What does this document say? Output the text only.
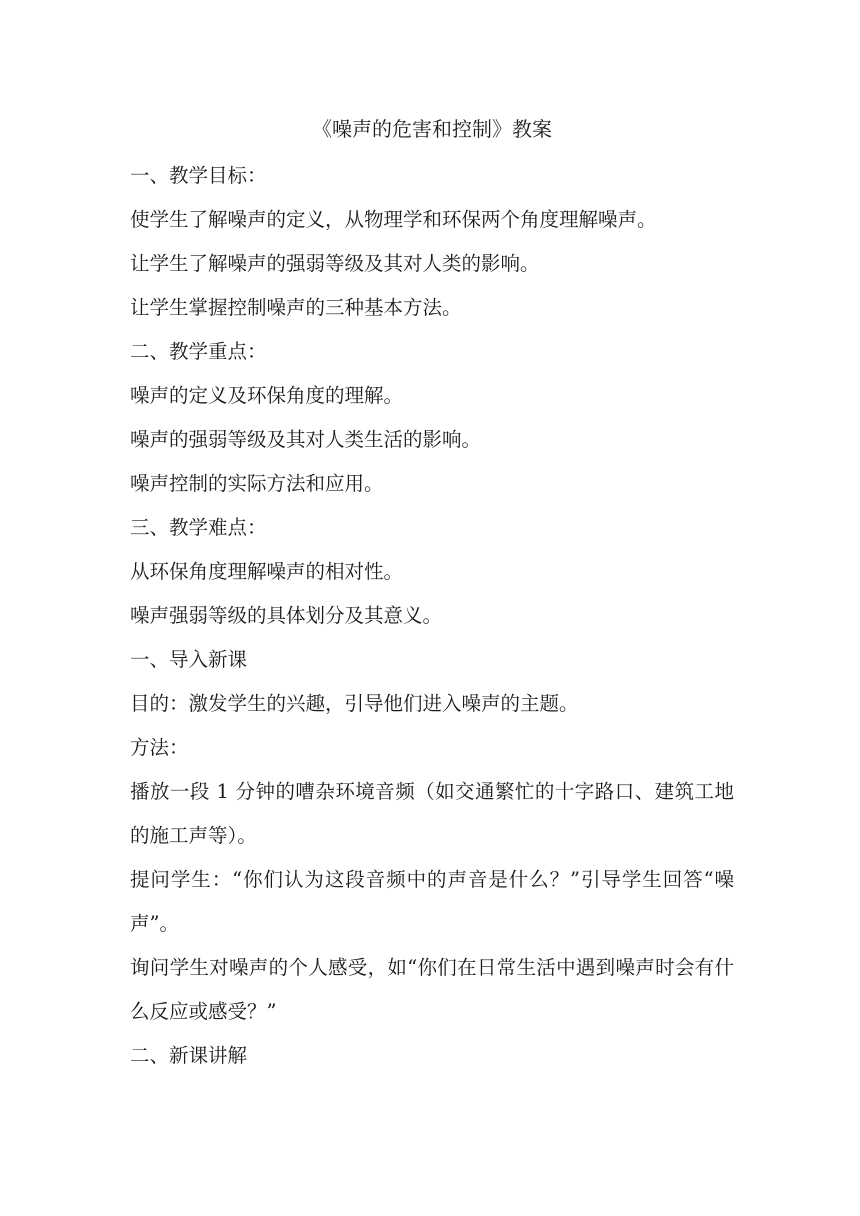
《噪声的危害和控制》教案

一、教学目标：

使学生了解噪声的定义，从物理学和环保两个角度理解噪声。

让学生了解噪声的强弱等级及其对人类的影响。

让学生掌握控制噪声的三种基本方法。

二、教学重点：

噪声的定义及环保角度的理解。

噪声的强弱等级及其对人类生活的影响。

噪声控制的实际方法和应用。

三、教学难点：

从环保角度理解噪声的相对性。

噪声强弱等级的具体划分及其意义。

一、导入新课

目的：激发学生的兴趣，引导他们进入噪声的主题。

方法：

播放一段 1 分钟的嘈杂环境音频（如交通繁忙的十字路口、建筑工地的施工声等）。

提问学生：“你们认为这段音频中的声音是什么？”引导学生回答“噪声”。

询问学生对噪声的个人感受，如“你们在日常生活中遇到噪声时会有什么反应或感受？”

二、新课讲解
